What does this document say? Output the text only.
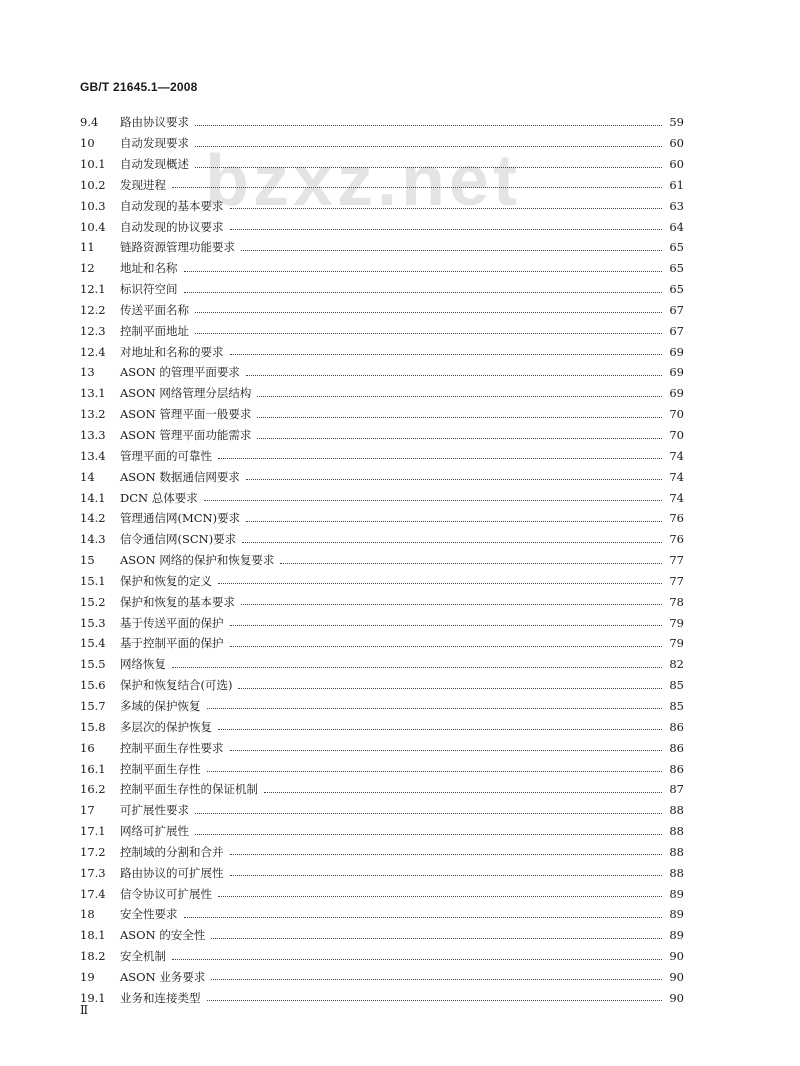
GB/T 21645.1—2008
bzxz.net
9.4	路由协议要求	59
10	自动发现要求	60
10.1	自动发现概述	60
10.2	发现进程	61
10.3	自动发现的基本要求	63
10.4	自动发现的协议要求	64
11	链路资源管理功能要求	65
12	地址和名称	65
12.1	标识符空间	65
12.2	传送平面名称	67
12.3	控制平面地址	67
12.4	对地址和名称的要求	69
13	ASON 的管理平面要求	69
13.1	ASON 网络管理分层结构	69
13.2	ASON 管理平面一般要求	70
13.3	ASON 管理平面功能需求	70
13.4	管理平面的可靠性	74
14	ASON 数据通信网要求	74
14.1	DCN 总体要求	74
14.2	管理通信网(MCN)要求	76
14.3	信令通信网(SCN)要求	76
15	ASON 网络的保护和恢复要求	77
15.1	保护和恢复的定义	77
15.2	保护和恢复的基本要求	78
15.3	基于传送平面的保护	79
15.4	基于控制平面的保护	79
15.5	网络恢复	82
15.6	保护和恢复结合(可选)	85
15.7	多域的保护恢复	85
15.8	多层次的保护恢复	86
16	控制平面生存性要求	86
16.1	控制平面生存性	86
16.2	控制平面生存性的保证机制	87
17	可扩展性要求	88
17.1	网络可扩展性	88
17.2	控制域的分割和合并	88
17.3	路由协议的可扩展性	88
17.4	信令协议可扩展性	89
18	安全性要求	89
18.1	ASON 的安全性	89
18.2	安全机制	90
19	ASON 业务要求	90
19.1	业务和连接类型	90
Ⅱ
